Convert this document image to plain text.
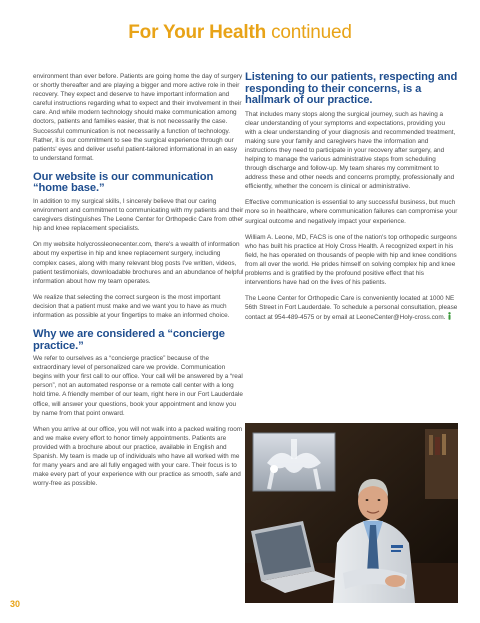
For Your Health continued

environment than ever before. Patients are going home the day of surgery or shortly thereafter and are playing a bigger and more active role in their recovery. They expect and deserve to have important information and careful instructions regarding what to expect and their involvement in their care. And while modern technology should make communication among doctors, patients and families easier, that is not necessarily the case. Successful communication is not necessarily a function of technology. Rather, it is our commitment to see the surgical experience through our patients' eyes and deliver useful patient-tailored informational in an easy to understand format.

Our website is our communication “home base.”

In addition to my surgical skills, I sincerely believe that our caring environment and commitment to communicating with my patients and their caregivers distinguishes The Leone Center for Orthopedic Care from other hip and knee replacement specialists.

On my website holycrossleonecenter.com, there's a wealth of information about my expertise in hip and knee replacement surgery, including complex cases, along with many relevant blog posts I've written, videos, patient testimonials, downloadable brochures and an abundance of helpful information about how my team operates.

We realize that selecting the correct surgeon is the most important decision that a patient must make and we want you to have as much information as possible at your fingertips to make an informed choice.

Why we are considered a “concierge practice.”

We refer to ourselves as a “concierge practice” because of the extraordinary level of personalized care we provide. Communication begins with your first call to our office. Your call will be answered by a “real person”, not an automated response or a remote call center with a long hold time. A friendly member of our team, right here in our Fort Lauderdale office, will answer your questions, book your appointment and know you by name from that point onward.

When you arrive at our office, you will not walk into a packed waiting room and we make every effort to honor timely appointments. Patients are provided with a brochure about our practice, available in English and Spanish. My team is made up of individuals who have all worked with me for many years and are all fully engaged with your care. Their focus is to make every part of your experience with our practice as smooth, safe and worry-free as possible.

Listening to our patients, respecting and responding to their concerns, is a hallmark of our practice.

That includes many stops along the surgical journey, such as having a clear understanding of your symptoms and expectations, providing you with a clear understanding of your diagnosis and recommended treatment, making sure your family and caregivers have the information and instructions they need to participate in your recovery after surgery, and helping to manage the various administrative steps from scheduling through discharge and follow-up. My team shares my commitment to address these and other needs and concerns promptly, professionally and efficiently, whether the concern is clinical or administrative.

Effective communication is essential to any successful business, but much more so in healthcare, where communication failures can compromise your surgical outcome and negatively impact your experience.

William A. Leone, MD, FACS is one of the nation's top orthopedic surgeons who has built his practice at Holy Cross Health. A recognized expert in his field, he has operated on thousands of people with hip and knee conditions from all over the world. He prides himself on solving complex hip and knee problems and is gratified by the profound positive effect that his interventions have had on the lives of his patients.

The Leone Center for Orthopedic Care is conveniently located at 1000 NE 56th Street in Fort Lauderdale. To schedule a personal consultation, please contact at 954-489-4575 or by email at LeoneCenter@Holy-cross.com.

30
